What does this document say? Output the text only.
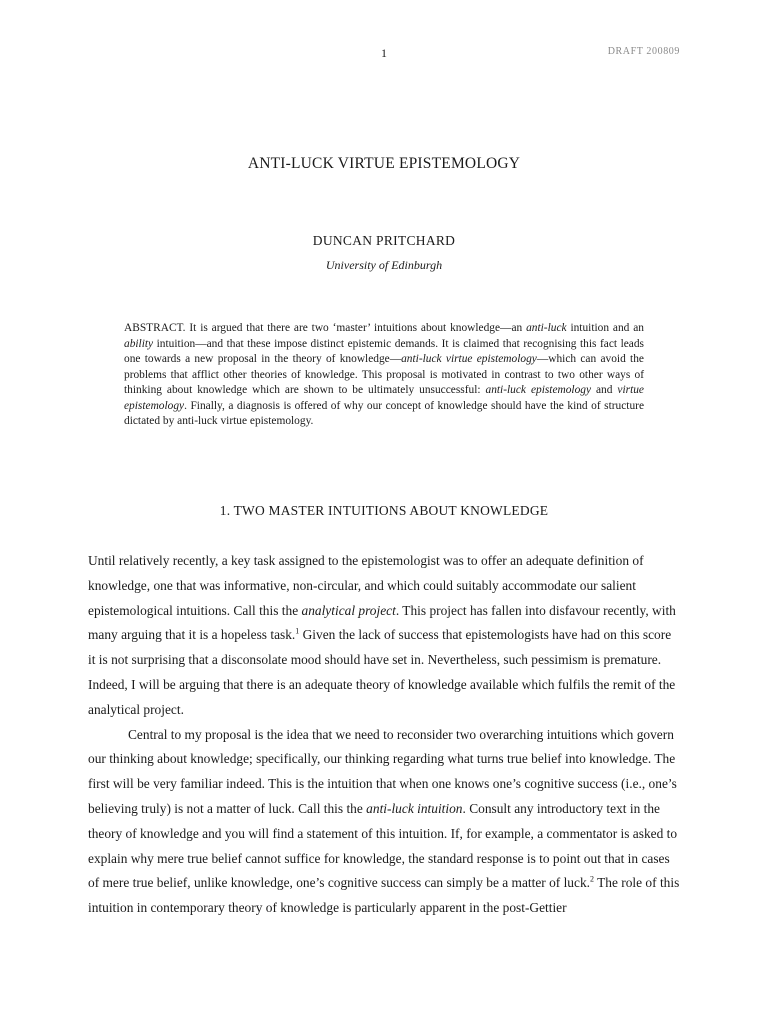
1	DRAFT 200809
ANTI-LUCK VIRTUE EPISTEMOLOGY
DUNCAN PRITCHARD
University of Edinburgh

ABSTRACT. It is argued that there are two ‘master’ intuitions about knowledge—an anti-luck intuition and an ability intuition—and that these impose distinct epistemic demands. It is claimed that recognising this fact leads one towards a new proposal in the theory of knowledge—anti-luck virtue epistemology—which can avoid the problems that afflict other theories of knowledge. This proposal is motivated in contrast to two other ways of thinking about knowledge which are shown to be ultimately unsuccessful: anti-luck epistemology and virtue epistemology. Finally, a diagnosis is offered of why our concept of knowledge should have the kind of structure dictated by anti-luck virtue epistemology.

1. TWO MASTER INTUITIONS ABOUT KNOWLEDGE

Until relatively recently, a key task assigned to the epistemologist was to offer an adequate definition of knowledge, one that was informative, non-circular, and which could suitably accommodate our salient epistemological intuitions. Call this the analytical project. This project has fallen into disfavour recently, with many arguing that it is a hopeless task.$^1$ Given the lack of success that epistemologists have had on this score it is not surprising that a disconsolate mood should have set in. Nevertheless, such pessimism is premature. Indeed, I will be arguing that there is an adequate theory of knowledge available which fulfils the remit of the analytical project.

Central to my proposal is the idea that we need to reconsider two overarching intuitions which govern our thinking about knowledge; specifically, our thinking regarding what turns true belief into knowledge. The first will be very familiar indeed. This is the intuition that when one knows one’s cognitive success (i.e., one’s believing truly) is not a matter of luck. Call this the anti-luck intuition. Consult any introductory text in the theory of knowledge and you will find a statement of this intuition. If, for example, a commentator is asked to explain why mere true belief cannot suffice for knowledge, the standard response is to point out that in cases of mere true belief, unlike knowledge, one’s cognitive success can simply be a matter of luck.$^2$ The role of this intuition in contemporary theory of knowledge is particularly apparent in the post-Gettier
